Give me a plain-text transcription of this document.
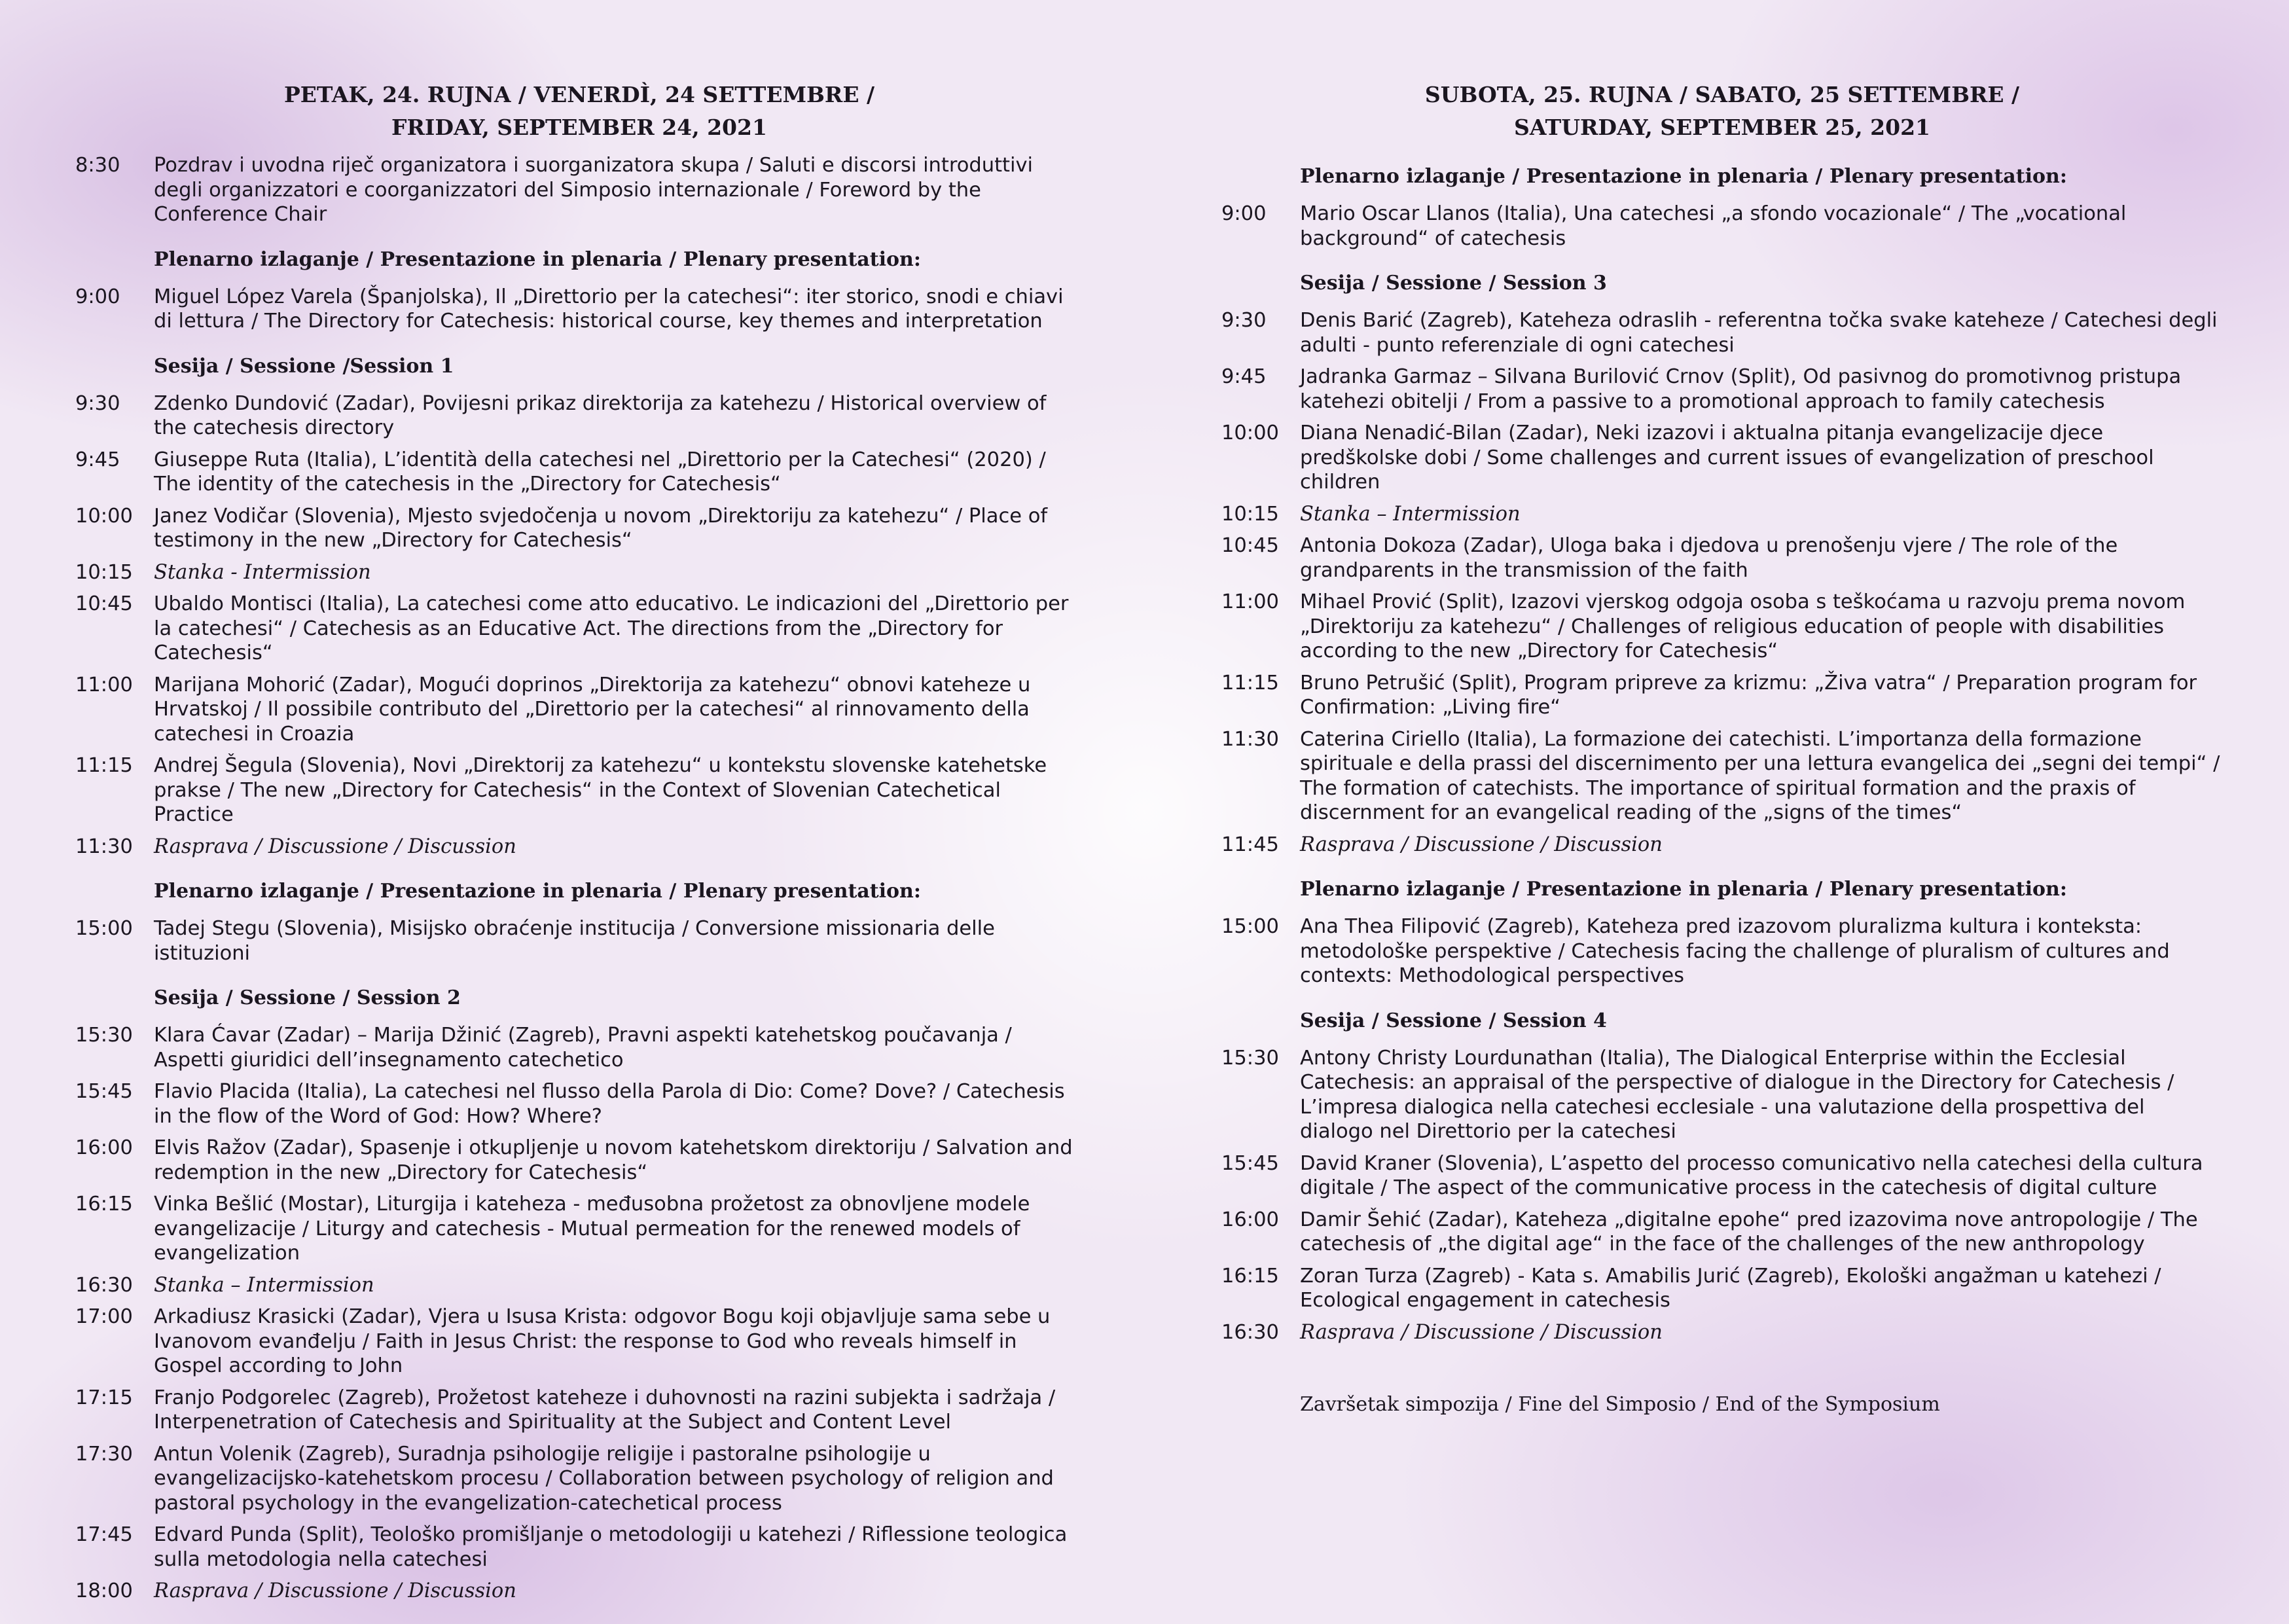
PETAK, 24. RUJNA / VENERDÌ, 24 SETTEMBRE /
FRIDAY, SEPTEMBER 24, 2021
8:30	Pozdrav i uvodna riječ organizatora i suorganizatora skupa / Saluti e discorsi introduttivi degli organizzatori e coorganizzatori del Simposio internazionale / Foreword by the Conference Chair
Plenarno izlaganje / Presentazione in plenaria / Plenary presentation:
9:00	Miguel López Varela (Španjolska), Il „Direttorio per la catechesi“: iter storico, snodi e chiavi di lettura / The Directory for Catechesis: historical course, key themes and interpretation
Sesija / Sessione /Session 1
9:30	Zdenko Dundović (Zadar), Povijesni prikaz direktorija za katehezu / Historical overview of the catechesis directory
9:45	Giuseppe Ruta (Italia), L’identità della catechesi nel „Direttorio per la Catechesi“ (2020) / The identity of the catechesis in the „Directory for Catechesis“
10:00	Janez Vodičar (Slovenia), Mjesto svjedočenja u novom „Direktoriju za katehezu“ / Place of testimony in the new „Directory for Catechesis“
10:15	Stanka - Intermission
10:45	Ubaldo Montisci (Italia), La catechesi come atto educativo. Le indicazioni del „Direttorio per la catechesi“ / Catechesis as an Educative Act. The directions from the „Directory for Catechesis“
11:00	Marijana Mohorić (Zadar), Mogući doprinos „Direktorija za katehezu“ obnovi kateheze u Hrvatskoj / Il possibile contributo del „Direttorio per la catechesi“ al rinnovamento della catechesi in Croazia
11:15	Andrej Šegula (Slovenia), Novi „Direktorij za katehezu“ u kontekstu slovenske katehetske prakse / The new „Directory for Catechesis“ in the Context of Slovenian Catechetical Practice
11:30	Rasprava / Discussione / Discussion
Plenarno izlaganje / Presentazione in plenaria / Plenary presentation:
15:00	Tadej Stegu (Slovenia), Misijsko obraćenje institucija / Conversione missionaria delle istituzioni
Sesija / Sessione / Session 2
15:30	Klara Ćavar (Zadar) – Marija Džinić (Zagreb), Pravni aspekti katehetskog poučavanja / Aspetti giuridici dell’insegnamento catechetico
15:45	Flavio Placida (Italia), La catechesi nel flusso della Parola di Dio: Come? Dove? / Catechesis in the flow of the Word of God: How? Where?
16:00	Elvis Ražov (Zadar), Spasenje i otkupljenje u novom katehetskom direktoriju / Salvation and redemption in the new „Directory for Catechesis“
16:15	Vinka Bešlić (Mostar), Liturgija i kateheza - međusobna prožetost za obnovljene modele evangelizacije / Liturgy and catechesis - Mutual permeation for the renewed models of evangelization
16:30	Stanka – Intermission
17:00	Arkadiusz Krasicki (Zadar), Vjera u Isusa Krista: odgovor Bogu koji objavljuje sama sebe u Ivanovom evanđelju / Faith in Jesus Christ: the response to God who reveals himself in Gospel according to John
17:15	Franjo Podgorelec (Zagreb), Prožetost kateheze i duhovnosti na razini subjekta i sadržaja / Interpenetration of Catechesis and Spirituality at the Subject and Content Level
17:30	Antun Volenik (Zagreb), Suradnja psihologije religije i pastoralne psihologije u evangelizacijsko-katehetskom procesu / Collaboration between psychology of religion and pastoral psychology in the evangelization-catechetical process
17:45	Edvard Punda (Split), Teološko promišljanje o metodologiji u katehezi / Riflessione teologica sulla metodologia nella catechesi
18:00	Rasprava / Discussione / Discussion
SUBOTA, 25. RUJNA / SABATO, 25 SETTEMBRE /
SATURDAY, SEPTEMBER 25, 2021
Plenarno izlaganje / Presentazione in plenaria / Plenary presentation:
9:00	Mario Oscar Llanos (Italia), Una catechesi „a sfondo vocazionale“ / The „vocational background“ of catechesis
Sesija / Sessione / Session 3
9:30	Denis Barić (Zagreb), Kateheza odraslih - referentna točka svake kateheze / Catechesi degli adulti - punto referenziale di ogni catechesi
9:45	Jadranka Garmaz – Silvana Burilović Crnov (Split), Od pasivnog do promotivnog pristupa katehezi obitelji / From a passive to a promotional approach to family catechesis
10:00	Diana Nenadić-Bilan (Zadar), Neki izazovi i aktualna pitanja evangelizacije djece predškolske dobi / Some challenges and current issues of evangelization of preschool children
10:15	Stanka – Intermission
10:45	Antonia Dokoza (Zadar), Uloga baka i djedova u prenošenju vjere / The role of the grandparents in the transmission of the faith
11:00	Mihael Prović (Split), Izazovi vjerskog odgoja osoba s teškoćama u razvoju prema novom „Direktoriju za katehezu“ / Challenges of religious education of people with disabilities according to the new „Directory for Catechesis“
11:15	Bruno Petrušić (Split), Program pripreve za krizmu: „Živa vatra“ / Preparation program for Confirmation: „Living fire“
11:30	Caterina Ciriello (Italia), La formazione dei catechisti. L’importanza della formazione spirituale e della prassi del discernimento per una lettura evangelica dei „segni dei tempi“ / The formation of catechists. The importance of spiritual formation and the praxis of discernment for an evangelical reading of the „signs of the times“
11:45	Rasprava / Discussione / Discussion
Plenarno izlaganje / Presentazione in plenaria / Plenary presentation:
15:00	Ana Thea Filipović (Zagreb), Kateheza pred izazovom pluralizma kultura i konteksta: metodološke perspektive / Catechesis facing the challenge of pluralism of cultures and contexts: Methodological perspectives
Sesija / Sessione / Session 4
15:30	Antony Christy Lourdunathan (Italia), The Dialogical Enterprise within the Ecclesial Catechesis: an appraisal of the perspective of dialogue in the Directory for Catechesis / L’impresa dialogica nella catechesi ecclesiale - una valutazione della prospettiva del dialogo nel Direttorio per la catechesi
15:45	David Kraner (Slovenia), L’aspetto del processo comunicativo nella catechesi della cultura digitale / The aspect of the communicative process in the catechesis of digital culture
16:00	Damir Šehić (Zadar), Kateheza „digitalne epohe“ pred izazovima nove antropologije / The catechesis of „the digital age“ in the face of the challenges of the new anthropology
16:15	Zoran Turza (Zagreb) - Kata s. Amabilis Jurić (Zagreb), Ekološki angažman u katehezi / Ecological engagement in catechesis
16:30	Rasprava / Discussione / Discussion
Završetak simpozija / Fine del Simposio / End of the Symposium
